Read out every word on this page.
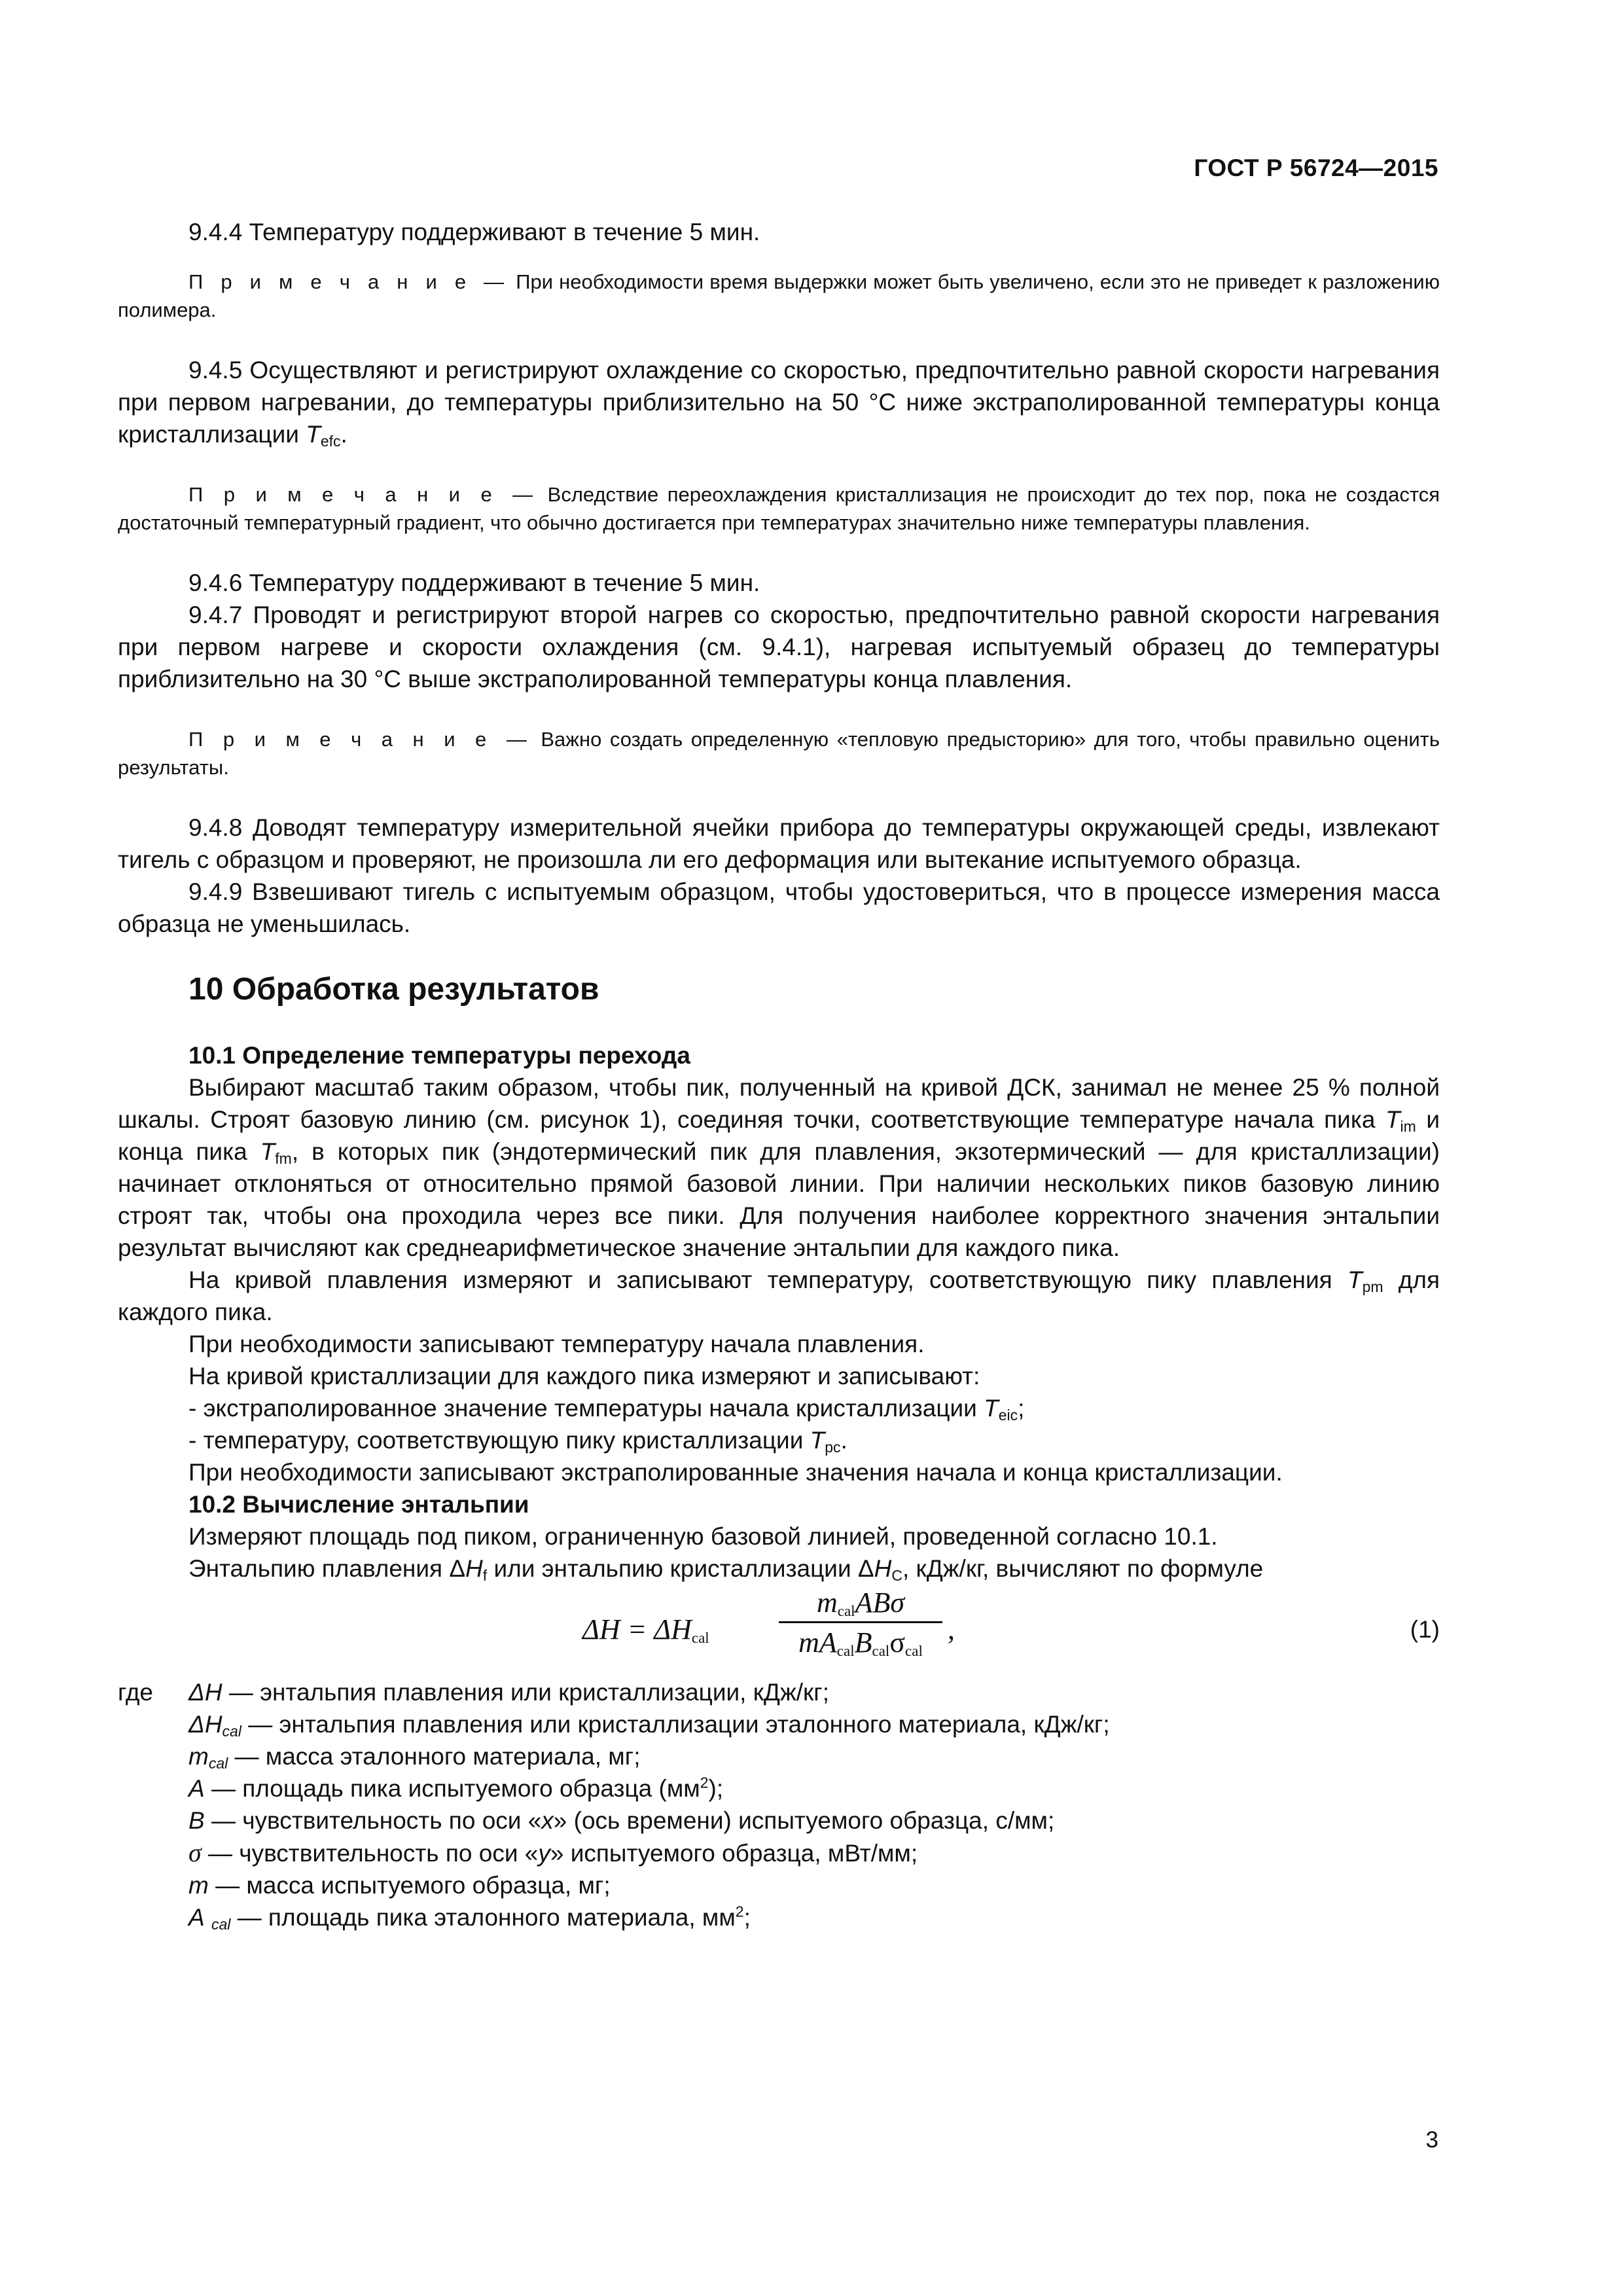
ГОСТ Р 56724—2015

9.4.4 Температуру поддерживают в течение 5 мин.

П р и м е ч а н и е — При необходимости время выдержки может быть увеличено, если это не приведет к разложению полимера.

9.4.5 Осуществляют и регистрируют охлаждение со скоростью, предпочтительно равной скорости нагревания при первом нагревании, до температуры приблизительно на 50 °С ниже экстраполированной температуры конца кристаллизации $T_{efc}$.

П р и м е ч а н и е — Вследствие переохлаждения кристаллизация не происходит до тех пор, пока не создастся достаточный температурный градиент, что обычно достигается при температурах значительно ниже температуры плавления.

9.4.6 Температуру поддерживают в течение 5 мин.

9.4.7 Проводят и регистрируют второй нагрев со скоростью, предпочтительно равной скорости нагревания при первом нагреве и скорости охлаждения (см. 9.4.1), нагревая испытуемый образец до температуры приблизительно на 30 °С выше экстраполированной температуры конца плавления.

П р и м е ч а н и е — Важно создать определенную «тепловую предысторию» для того, чтобы правильно оценить результаты.

9.4.8 Доводят температуру измерительной ячейки прибора до температуры окружающей среды, извлекают тигель с образцом и проверяют, не произошла ли его деформация или вытекание испытуемого образца.

9.4.9 Взвешивают тигель с испытуемым образцом, чтобы удостовериться, что в процессе измерения масса образца не уменьшилась.

10 Обработка результатов

10.1 Определение температуры перехода

Выбирают масштаб таким образом, чтобы пик, полученный на кривой ДСК, занимал не менее 25 % полной шкалы. Строят базовую линию (см. рисунок 1), соединяя точки, соответствующие температуре начала пика $T_{im}$ и конца пика $T_{fm}$, в которых пик (эндотермический пик для плавления, экзотермический — для кристаллизации) начинает отклоняться от относительно прямой базовой линии. При наличии нескольких пиков базовую линию строят так, чтобы она проходила через все пики. Для получения наиболее корректного значения энтальпии результат вычисляют как среднеарифметическое значение энтальпии для каждого пика.

На кривой плавления измеряют и записывают температуру, соответствующую пику плавления $T_{pm}$ для каждого пика.

При необходимости записывают температуру начала плавления.

На кривой кристаллизации для каждого пика измеряют и записывают:

- экстраполированное значение температуры начала кристаллизации $T_{eic}$;

- температуру, соответствующую пику кристаллизации $T_{pc}$.

При необходимости записывают экстраполированные значения начала и конца кристаллизации.

10.2 Вычисление энтальпии

Измеряют площадь под пиком, ограниченную базовой линией, проведенной согласно 10.1.

Энтальпию плавления $\Delta H_f$ или энтальпию кристаллизации $\Delta H_C$, кДж/кг, вычисляют по формуле

$\Delta H = \Delta H_{cal}$
$m_{cal}AB\sigma$
$mA_{cal}B_{cal}\sigma_{cal}$
,	(1)
где ΔH — энтальпия плавления или кристаллизации, кДж/кг;

$\Delta H_{cal}$ — энтальпия плавления или кристаллизации эталонного материала, кДж/кг;

$m_{cal}$ — масса эталонного материала, мг;

A — площадь пика испытуемого образца $(мм^2)$;

B — чувствительность по оси «x» (ось времени) испытуемого образца, с/мм;

σ — чувствительность по оси «у» испытуемого образца, мВт/мм;

m — масса испытуемого образца, мг;

A $_{cal}$ — площадь пика эталонного материала, $мм^2$;

3
